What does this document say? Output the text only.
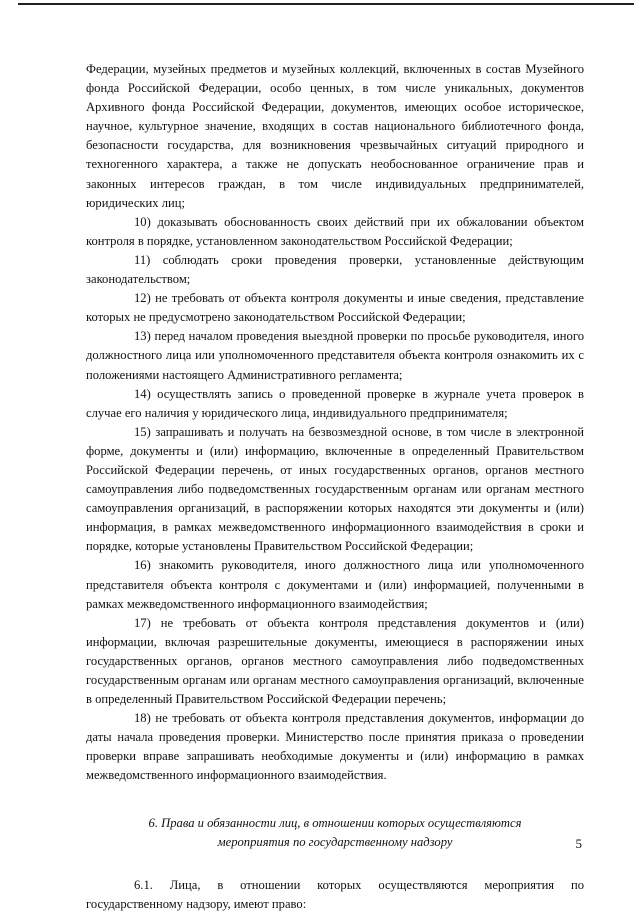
Федерации, музейных предметов и музейных коллекций, включенных в состав Музейного фонда Российской Федерации, особо ценных, в том числе уникальных, документов Архивного фонда Российской Федерации, документов, имеющих особое историческое, научное, культурное значение, входящих в состав национального библиотечного фонда, безопасности государства, для возникновения чрезвычайных ситуаций природного и техногенного характера, а также не допускать необоснованное ограничение прав и законных интересов граждан, в том числе индивидуальных предпринимателей, юридических лиц;

10) доказывать обоснованность своих действий при их обжаловании объектом контроля в порядке, установленном законодательством Российской Федерации;

11) соблюдать сроки проведения проверки, установленные действующим законодательством;

12) не требовать от объекта контроля документы и иные сведения, представление которых не предусмотрено законодательством Российской Федерации;

13) перед началом проведения выездной проверки по просьбе руководителя, иного должностного лица или уполномоченного представителя объекта контроля ознакомить их с положениями настоящего Административного регламента;

14) осуществлять запись о проведенной проверке в журнале учета проверок в случае его наличия у юридического лица, индивидуального предпринимателя;

15) запрашивать и получать на безвозмездной основе, в том числе в электронной форме, документы и (или) информацию, включенные в определенный Правительством Российской Федерации перечень, от иных государственных органов, органов местного самоуправления либо подведомственных государственным органам или органам местного самоуправления организаций, в распоряжении которых находятся эти документы и (или) информация, в рамках межведомственного информационного взаимодействия в сроки и порядке, которые установлены Правительством Российской Федерации;

16) знакомить руководителя, иного должностного лица или уполномоченного представителя объекта контроля с документами и (или) информацией, полученными в рамках межведомственного информационного взаимодействия;

17) не требовать от объекта контроля представления документов и (или) информации, включая разрешительные документы, имеющиеся в распоряжении иных государственных органов, органов местного самоуправления либо подведомственных государственным органам или органам местного самоуправления организаций, включенные в определенный Правительством Российской Федерации перечень;

18) не требовать от объекта контроля представления документов, информации до даты начала проведения проверки. Министерство после принятия приказа о проведении проверки вправе запрашивать необходимые документы и (или) информацию в рамках межведомственного информационного взаимодействия.

6. Права и обязанности лиц, в отношении которых осуществляются
мероприятия по государственному надзору

6.1. Лица, в отношении которых осуществляются мероприятия по государственному надзору, имеют право:

5
